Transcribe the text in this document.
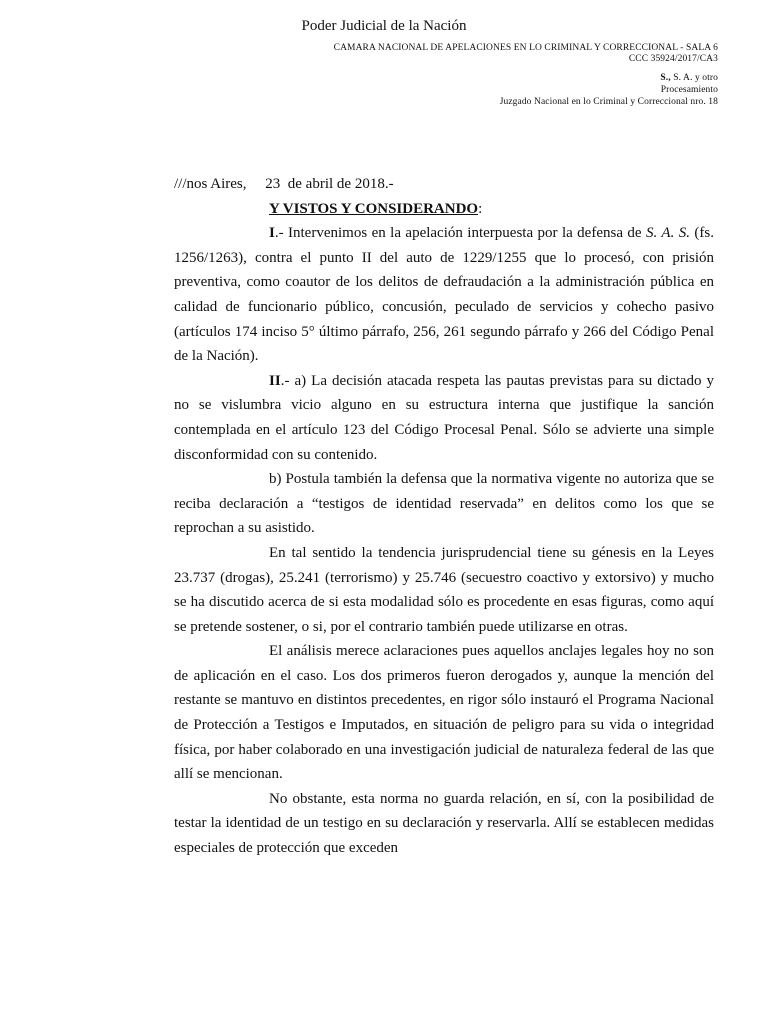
Poder Judicial de la Nación
CAMARA NACIONAL DE APELACIONES EN LO CRIMINAL Y CORRECCIONAL - SALA 6
CCC 35924/2017/CA3
S., S. A. y otro
Procesamiento
Juzgado Nacional en lo Criminal y Correccional nro. 18

///nos Aires, 23 de abril de 2018.-

Y VISTOS Y CONSIDERANDO:

I.- Intervenimos en la apelación interpuesta por la defensa de S. A. S. (fs. 1256/1263), contra el punto II del auto de 1229/1255 que lo procesó, con prisión preventiva, como coautor de los delitos de defraudación a la administración pública en calidad de funcionario público, concusión, peculado de servicios y cohecho pasivo (artículos 174 inciso 5° último párrafo, 256, 261 segundo párrafo y 266 del Código Penal de la Nación).

II.- a) La decisión atacada respeta las pautas previstas para su dictado y no se vislumbra vicio alguno en su estructura interna que justifique la sanción contemplada en el artículo 123 del Código Procesal Penal. Sólo se advierte una simple disconformidad con su contenido.

b) Postula también la defensa que la normativa vigente no autoriza que se reciba declaración a “testigos de identidad reservada” en delitos como los que se reprochan a su asistido.

En tal sentido la tendencia jurisprudencial tiene su génesis en la Leyes 23.737 (drogas), 25.241 (terrorismo) y 25.746 (secuestro coactivo y extorsivo) y mucho se ha discutido acerca de si esta modalidad sólo es procedente en esas figuras, como aquí se pretende sostener, o si, por el contrario también puede utilizarse en otras.

El análisis merece aclaraciones pues aquellos anclajes legales hoy no son de aplicación en el caso. Los dos primeros fueron derogados y, aunque la mención del restante se mantuvo en distintos precedentes, en rigor sólo instauró el Programa Nacional de Protección a Testigos e Imputados, en situación de peligro para su vida o integridad física, por haber colaborado en una investigación judicial de naturaleza federal de las que allí se mencionan.

No obstante, esta norma no guarda relación, en sí, con la posibilidad de testar la identidad de un testigo en su declaración y reservarla. Allí se establecen medidas especiales de protección que exceden
